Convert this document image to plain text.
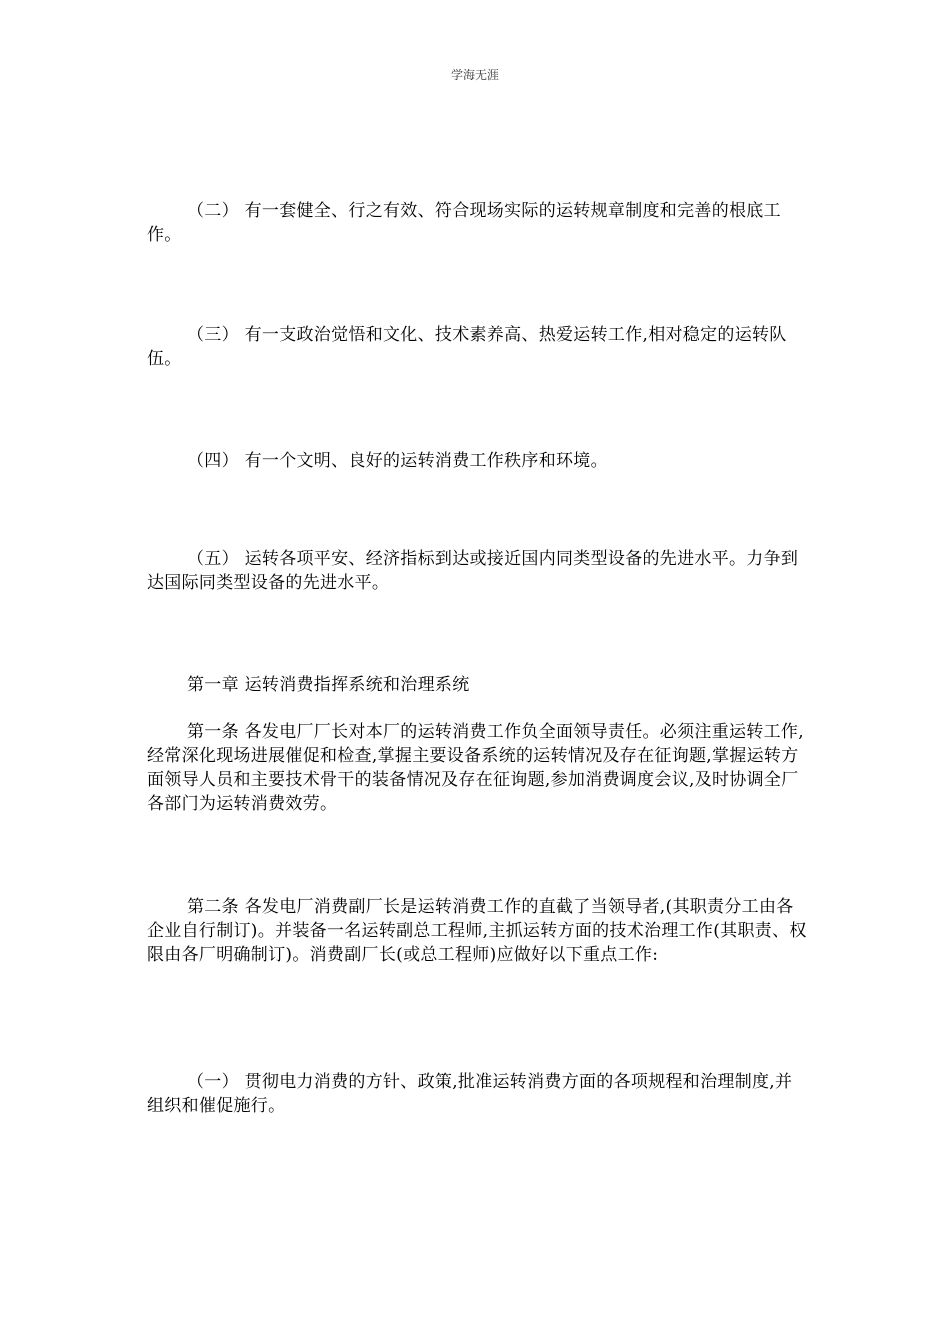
学海无涯

（二） 有一套健全、行之有效、符合现场实际的运转规章制度和完善的根底工作。

（三） 有一支政治觉悟和文化、技术素养高、热爱运转工作,相对稳定的运转队伍。

（四） 有一个文明、良好的运转消费工作秩序和环境。

（五） 运转各项平安、经济指标到达或接近国内同类型设备的先进水平。力争到达国际同类型设备的先进水平。

第一章 运转消费指挥系统和治理系统

第一条 各发电厂厂长对本厂的运转消费工作负全面领导责任。必须注重运转工作,经常深化现场进展催促和检查,掌握主要设备系统的运转情况及存在征询题,掌握运转方面领导人员和主要技术骨干的装备情况及存在征询题,参加消费调度会议,及时协调全厂各部门为运转消费效劳。

第二条 各发电厂消费副厂长是运转消费工作的直截了当领导者,(其职责分工由各企业自行制订)。并装备一名运转副总工程师,主抓运转方面的技术治理工作(其职责、权限由各厂明确制订)。消费副厂长(或总工程师)应做好以下重点工作:

（一） 贯彻电力消费的方针、政策,批准运转消费方面的各项规程和治理制度,并组织和催促施行。
